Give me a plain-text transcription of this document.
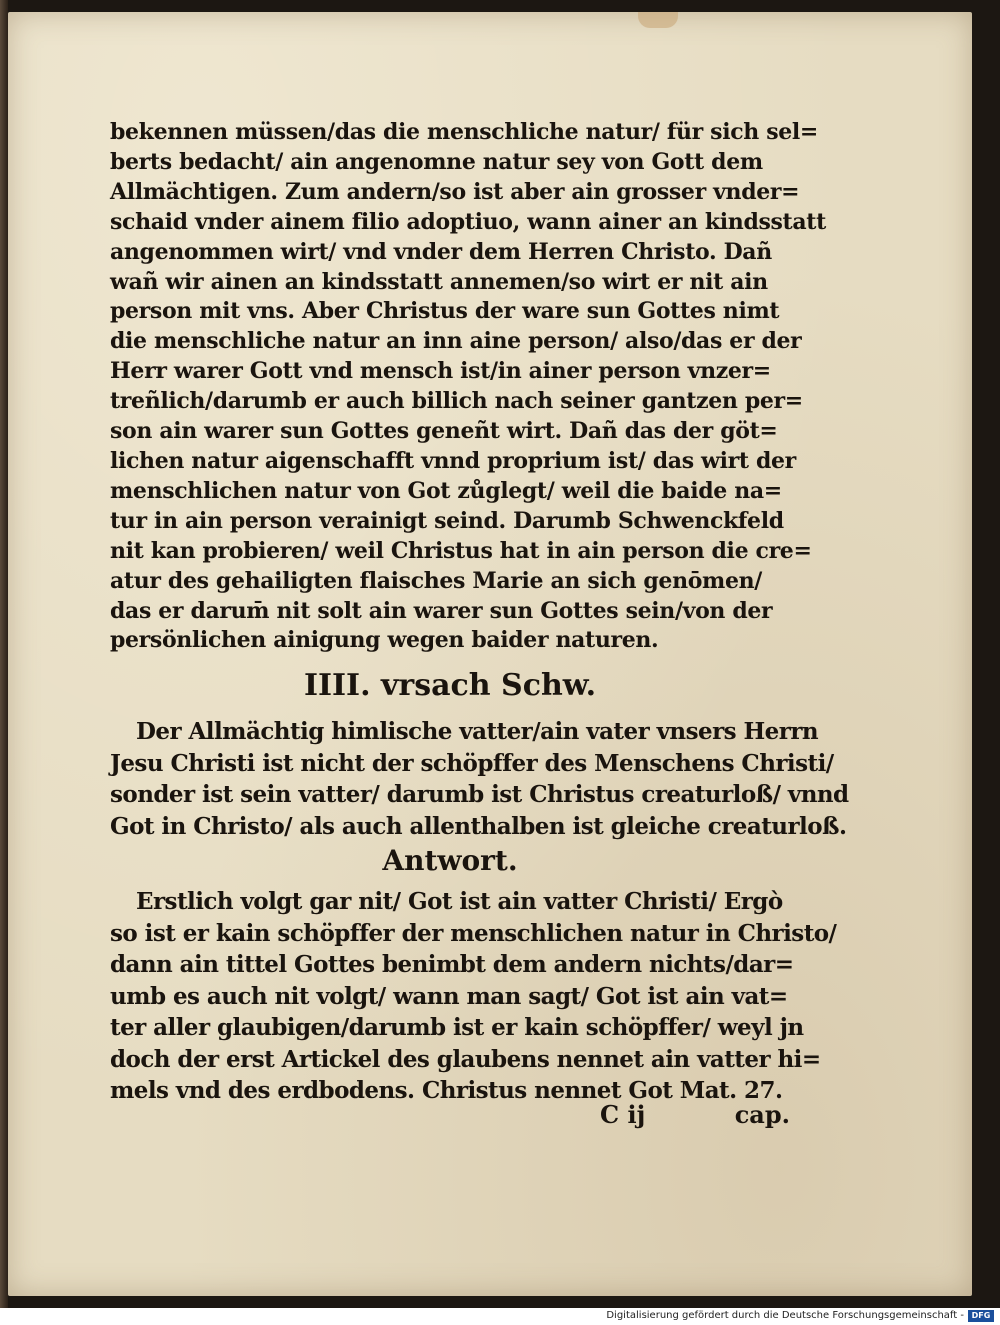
bekennen müssen/das die menschliche natur/ für sich sel=
berts bedacht/ ain angenomne natur sey von Gott dem
Allmächtigen. Zum andern/so ist aber ain grosser vnder=
schaid vnder ainem filio adoptiuo, wann ainer an kindsstatt
angenommen wirt/ vnd vnder dem Herren Christo. Dañ
wañ wir ainen an kindsstatt annemen/so wirt er nit ain
person mit vns. Aber Christus der ware sun Gottes nimt
die menschliche natur an inn aine person/ also/das er der
Herr warer Gott vnd mensch ist/in ainer person vnzer=
treñlich/darumb er auch billich nach seiner gantzen per=
son ain warer sun Gottes geneñt wirt. Dañ das der göt=
lichen natur aigenschafft vnnd proprium ist/ das wirt der
menschlichen natur von Got zůglegt/ weil die baide na=
tur in ain person verainigt seind. Darumb Schwenckfeld
nit kan probieren/ weil Christus hat in ain person die cre=
atur des gehailigten flaisches Marie an sich genōmen/
das er darum̄ nit solt ain warer sun Gottes sein/von der
persönlichen ainigung wegen baider naturen.
IIII. vrsach Schw.
Der Allmächtig himlische vatter/ain vater vnsers Herrn
Jesu Christi ist nicht der schöpffer des Menschens Christi/
sonder ist sein vatter/ darumb ist Christus creaturloß/ vnnd
Got in Christo/ als auch allenthalben ist gleiche creaturloß.
Antwort.
Erstlich volgt gar nit/ Got ist ain vatter Christi/ Ergò
so ist er kain schöpffer der menschlichen natur in Christo/
dann ain tittel Gottes benimbt dem andern nichts/dar=
umb es auch nit volgt/ wann man sagt/ Got ist ain vat=
ter aller glaubigen/darumb ist er kain schöpffer/ weyl jn
doch der erst Artickel des glaubens nennet ain vatter hi=
mels vnd des erdbodens. Christus nennet Got Mat. 27.
C ij	cap.
Digitalisierung gefördert durch die Deutsche Forschungsgemeinschaft - DFG
